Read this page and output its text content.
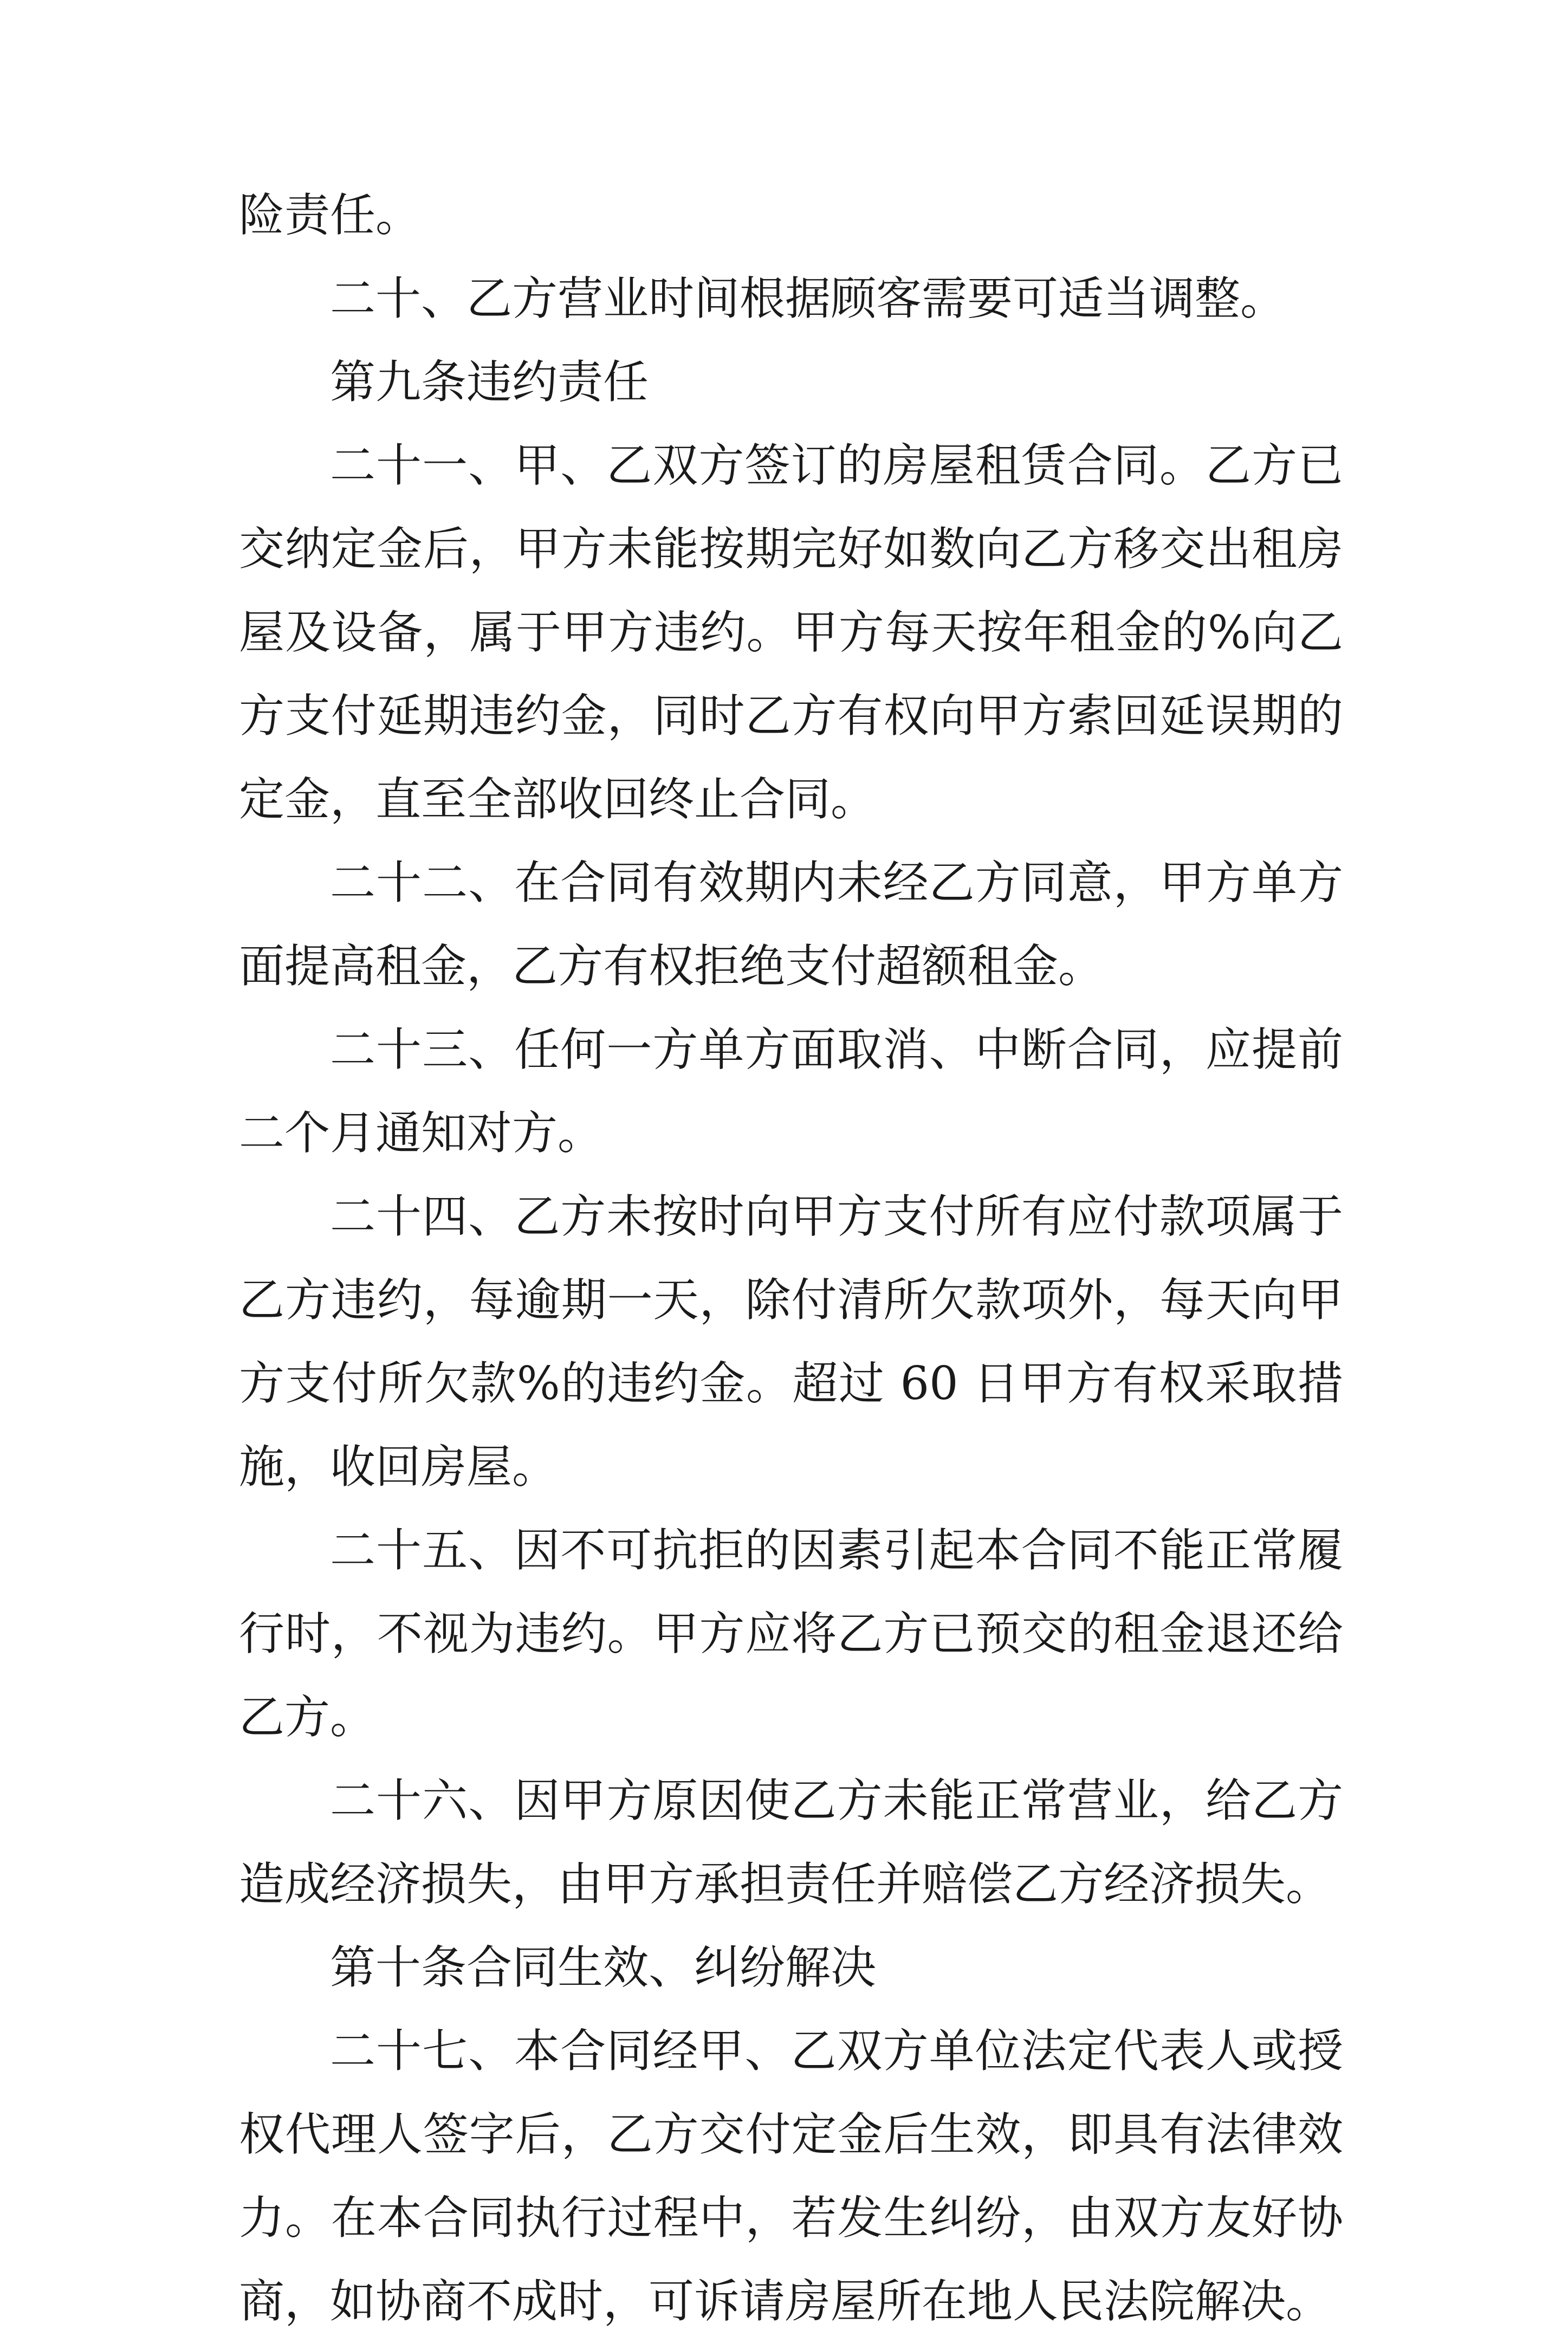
险责任。

二十、乙方营业时间根据顾客需要可适当调整。

第九条违约责任

二十一、甲、乙双方签订的房屋租赁合同。乙方已交纳定金后，甲方未能按期完好如数向乙方移交出租房屋及设备，属于甲方违约。甲方每天按年租金的%向乙方支付延期违约金，同时乙方有权向甲方索回延误期的定金，直至全部收回终止合同。

二十二、在合同有效期内未经乙方同意，甲方单方面提高租金，乙方有权拒绝支付超额租金。

二十三、任何一方单方面取消、中断合同，应提前二个月通知对方。

二十四、乙方未按时向甲方支付所有应付款项属于乙方违约，每逾期一天，除付清所欠款项外，每天向甲方支付所欠款%的违约金。超过 60 日甲方有权采取措施，收回房屋。

二十五、因不可抗拒的因素引起本合同不能正常履行时，不视为违约。甲方应将乙方已预交的租金退还给乙方。

二十六、因甲方原因使乙方未能正常营业，给乙方造成经济损失，由甲方承担责任并赔偿乙方经济损失。

第十条合同生效、纠纷解决

二十七、本合同经甲、乙双方单位法定代表人或授权代理人签字后，乙方交付定金后生效，即具有法律效力。在本合同执行过程中，若发生纠纷，由双方友好协商，如协商不成时，可诉请房屋所在地人民法院解决。
